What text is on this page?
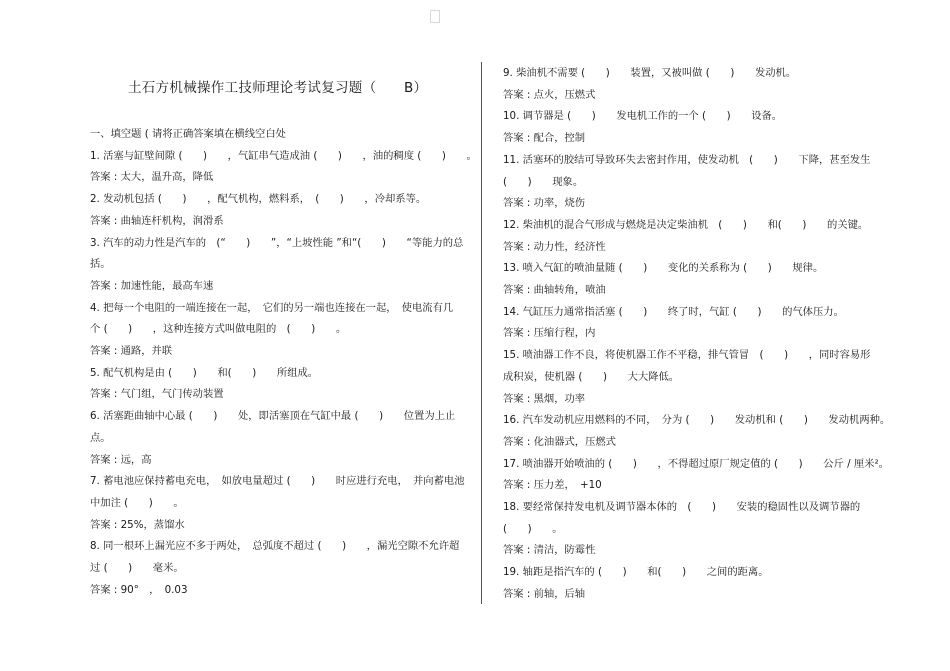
土石方机械操作工技师理论考试复习题（　　B）
一、填空题 ( 请将正确答案填在横线空白处
1. 活塞与缸壁间隙 (　　)　　，气缸串气造成油 (　　)　　，油的稠度 (　　)　　。
答案 : 太大，温升高，降低
2. 发动机包括 (　　)　　，配气机构，燃料系，　(　　)　　，冷却系等。
答案 : 曲轴连杆机构，润滑系
3. 汽车的动力性是汽车的　(“　　)　　”，“上坡性能 ”和“(　　)　　“等能力的总
括。
答案 : 加速性能，最高车速
4. 把每一个电阻的一端连接在一起，　它们的另一端也连接在一起，　使电流有几
个 (　　)　　，这种连接方式叫做电阻的　(　　)　　。
答案 : 通路，并联
5. 配气机构是由 (　　)　　和(　　)　　所组成。
答案 : 气门组，气门传动装置
6. 活塞距曲轴中心最 (　　)　　处，即活塞顶在气缸中最 (　　)　　位置为上止
点。
答案 : 远，高
7. 蓄电池应保持蓄电充电，　如放电量超过 (　　)　　时应进行充电，　并向蓄电池
中加注 (　　)　　。
答案 : 25%，蒸馏水
8. 同一根环上漏光应不多于两处，　总弧度不超过 (　　)　　，漏光空隙不允许超
过 (　　)　　毫米。
答案 : 90°　，　0.03
9. 柴油机不需要 (　　)　　装置，又被叫做 (　　)　　发动机。
答案 : 点火，压燃式
10. 调节器是 (　　)　　发电机工作的一个 (　　)　　设备。
答案 : 配合，控制
11. 活塞环的胶结可导致环失去密封作用，使发动机　(　　)　　下降，甚至发生
(　　)　　现象。
答案 : 功率，烧伤
12. 柴油机的混合气形成与燃烧是决定柴油机　(　　)　　和(　　)　　的关键。
答案 : 动力性，经济性
13. 喷入气缸的喷油量随 (　　)　　变化的关系称为 (　　)　　规律。
答案 : 曲轴转角，喷油
14. 气缸压力通常指活塞 (　　)　　终了时，气缸 (　　)　　的气体压力。
答案 : 压缩行程，内
15. 喷油器工作不良，将使机器工作不平稳，排气管冒　(　　)　　，同时容易形
成积炭，使机器 (　　)　　大大降低。
答案 : 黑烟，功率
16. 汽车发动机应用燃料的不同，　分为 (　　)　　发动机和 (　　)　　发动机两种。
答案 : 化油器式，压燃式
17. 喷油器开始喷油的 (　　)　　，不得超过原厂规定值的 (　　)　　公斤 / 厘米²。
答案 : 压力差，　+10
18. 要经常保持发电机及调节器本体的　(　　)　　安装的稳固性以及调节器的
(　　)　　。
答案 : 清洁，防霉性
19. 轴距是指汽车的 (　　)　　和(　　)　　之间的距离。
答案 : 前轴，后轴
